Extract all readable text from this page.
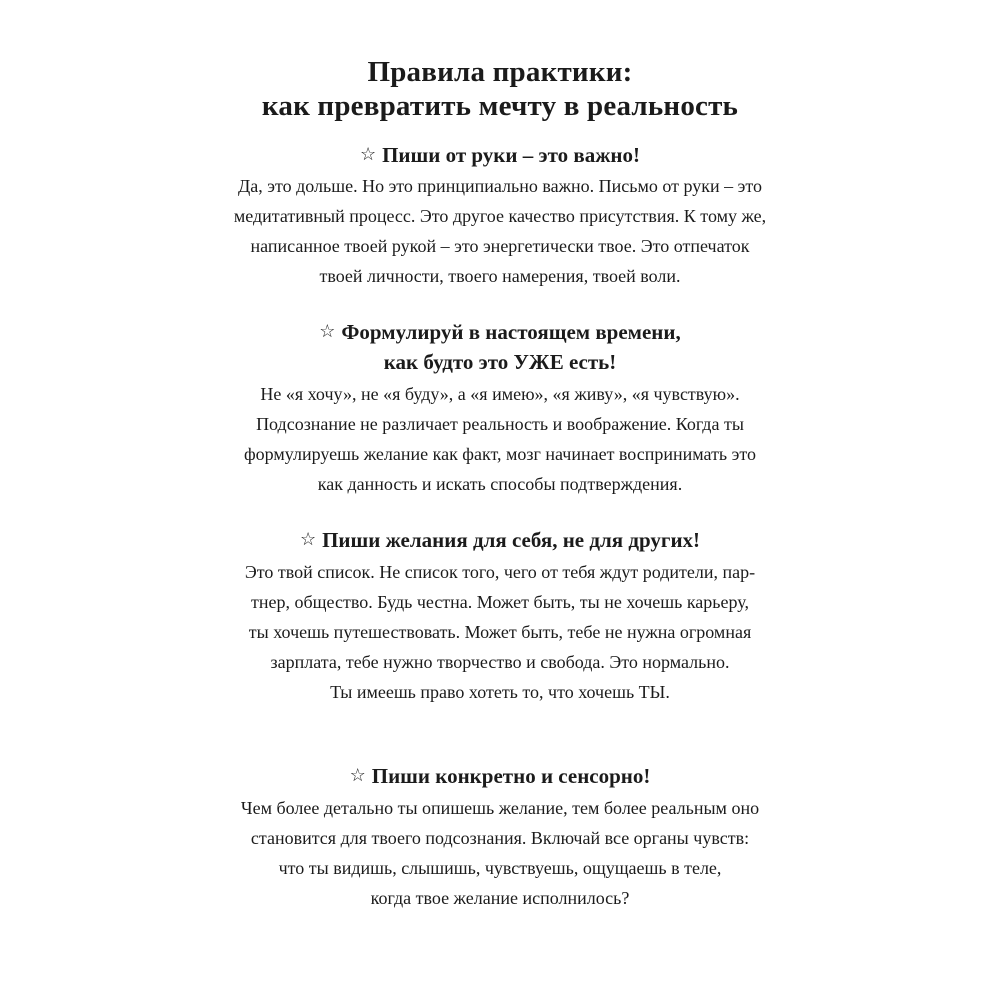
Правила практики:
как превратить мечту в реальность
☆ Пиши от руки – это важно!
Да, это дольше. Но это принципиально важно. Письмо от руки – это
медитативный процесс. Это другое качество присутствия. К тому же,
написанное твоей рукой – это энергетически твое. Это отпечаток
твоей личности, твоего намерения, твоей воли.
☆ Формулируй в настоящем времени,
как будто это УЖЕ есть!
Не «я хочу», не «я буду», а «я имею», «я живу», «я чувствую».
Подсознание не различает реальность и воображение. Когда ты
формулируешь желание как факт, мозг начинает воспринимать это
как данность и искать способы подтверждения.
☆ Пиши желания для себя, не для других!
Это твой список. Не список того, чего от тебя ждут родители, пар-
тнер, общество. Будь честна. Может быть, ты не хочешь карьеру,
ты хочешь путешествовать. Может быть, тебе не нужна огромная
зарплата, тебе нужно творчество и свобода. Это нормально.
Ты имеешь право хотеть то, что хочешь ТЫ.
☆ Пиши конкретно и сенсорно!
Чем более детально ты опишешь желание, тем более реальным оно
становится для твоего подсознания. Включай все органы чувств:
что ты видишь, слышишь, чувствуешь, ощущаешь в теле,
когда твое желание исполнилось?
